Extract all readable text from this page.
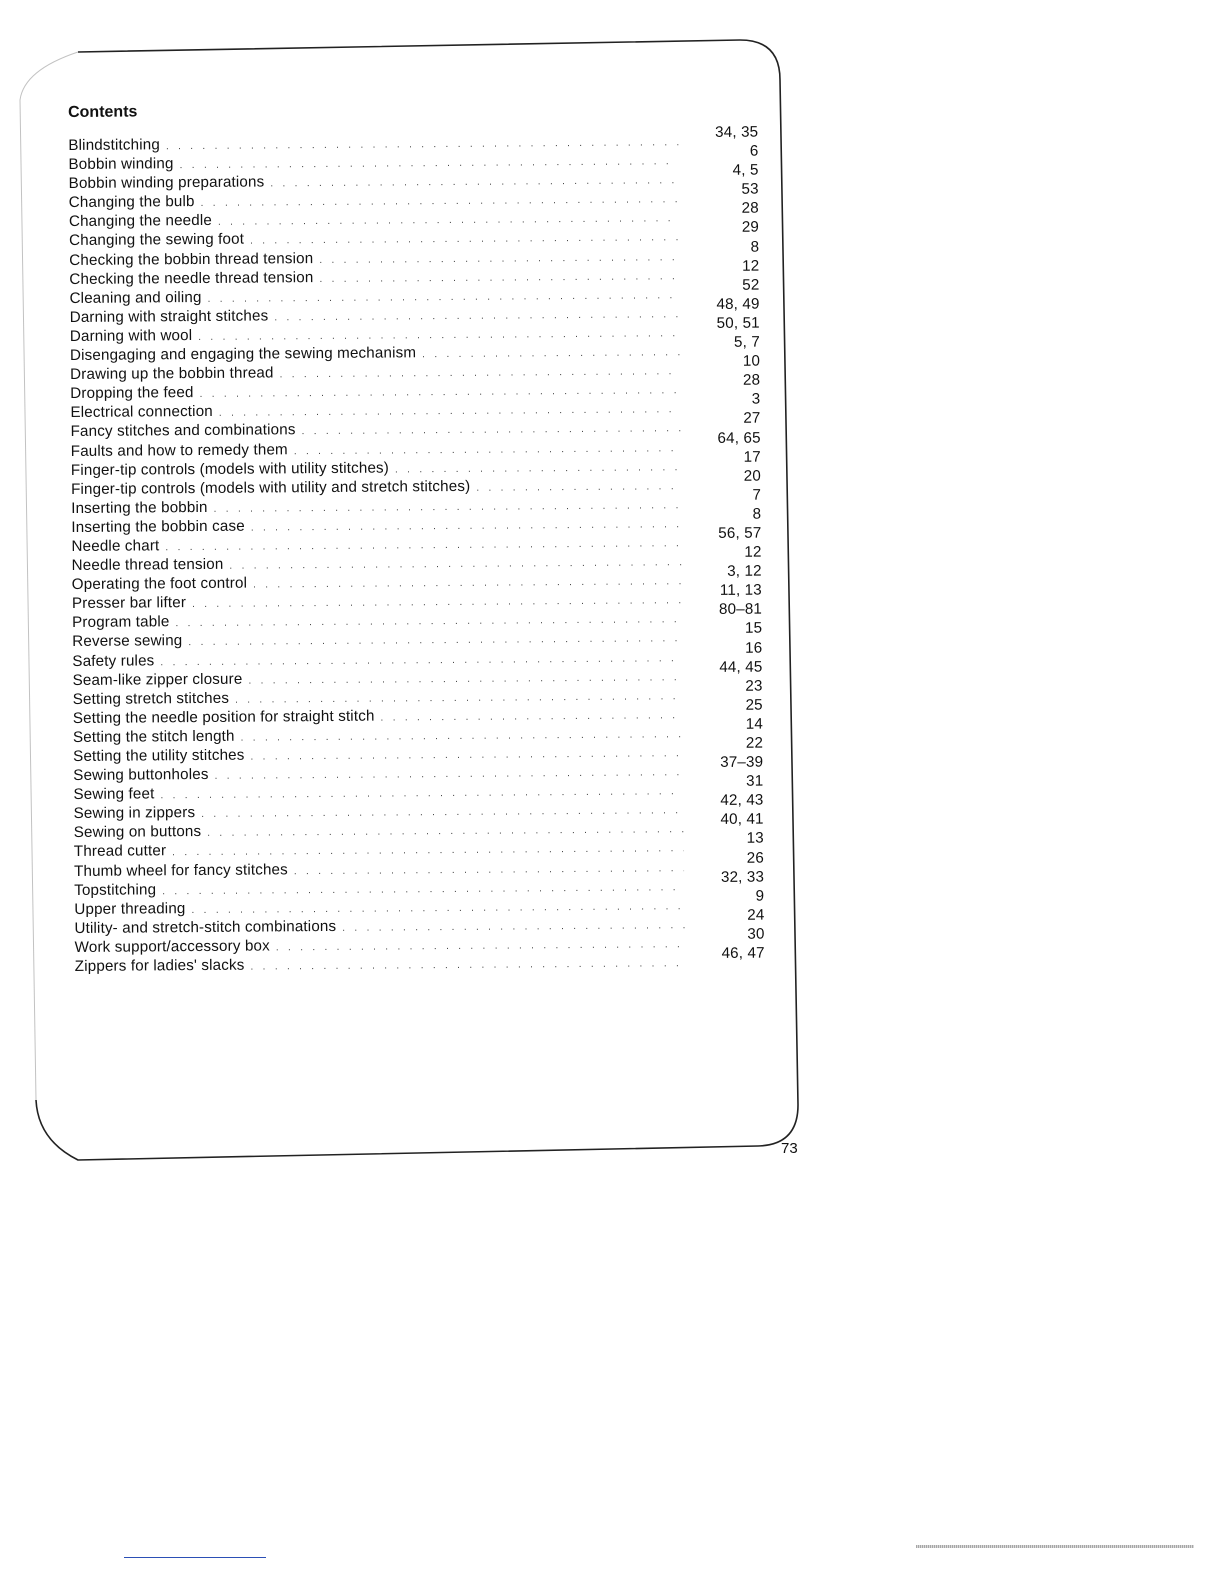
Contents
Blindstitching
. . .
34, 35
Bobbin winding
. . .
6
Bobbin winding preparations
. . .
4, 5
Changing the bulb
. . .
53
Changing the needle
. . .
28
Changing the sewing foot
. . .
29
Checking the bobbin thread tension
. . .
8
Checking the needle thread tension
. . .
12
Cleaning and oiling
. . .
52
Darning with straight stitches
. . .
48, 49
Darning with wool
. . .
50, 51
Disengaging and engaging the sewing mechanism
. . .
5, 7
Drawing up the bobbin thread
. . .
10
Dropping the feed
. . .
28
Electrical connection
. . .
3
Fancy stitches and combinations
. . .
27
Faults and how to remedy them
. . .
64, 65
Finger-tip controls (models with utility stitches)
. . .
17
Finger-tip controls (models with utility and stretch stitches)
. . .
20
Inserting the bobbin
. . .
7
Inserting the bobbin case
. . .
8
Needle chart
. . .
56, 57
Needle thread tension
. . .
12
Operating the foot control
. . .
3, 12
Presser bar lifter
. . .
11, 13
Program table
. . .
80–81
Reverse sewing
. . .
15
Safety rules
. . .
16
Seam-like zipper closure
. . .
44, 45
Setting stretch stitches
. . .
23
Setting the needle position for straight stitch
. . .
25
Setting the stitch length
. . .
14
Setting the utility stitches
. . .
22
Sewing buttonholes
. . .
37–39
Sewing feet
. . .
31
Sewing in zippers
. . .
42, 43
Sewing on buttons
. . .
40, 41
Thread cutter
. . .
13
Thumb wheel for fancy stitches
. . .
26
Topstitching
. . .
32, 33
Upper threading
. . .
9
Utility- and stretch-stitch combinations
. . .
24
Work support/accessory box
. . .
30
Zippers for ladies' slacks
. . .
46, 47
73
